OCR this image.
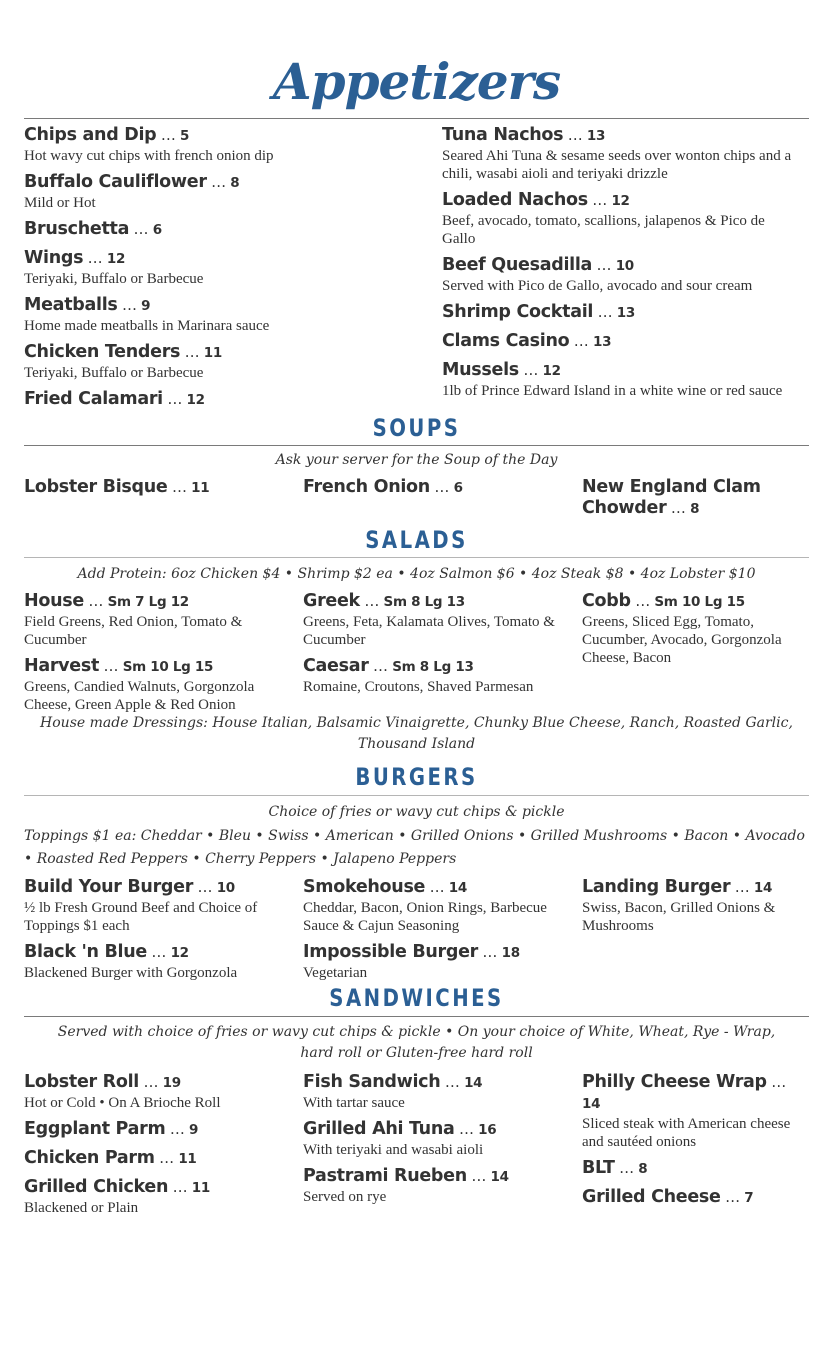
Appetizers
Chips and Dip … 5
Hot wavy cut chips with french onion dip
Buffalo Cauliflower … 8
Mild or Hot
Bruschetta … 6
Wings … 12
Teriyaki, Buffalo or Barbecue
Meatballs … 9
Home made meatballs in Marinara sauce
Chicken Tenders … 11
Teriyaki, Buffalo or Barbecue
Fried Calamari … 12
Tuna Nachos … 13
Seared Ahi Tuna & sesame seeds over wonton chips and a chili, wasabi aioli and teriyaki drizzle
Loaded Nachos … 12
Beef, avocado, tomato, scallions, jalapenos & Pico de Gallo
Beef Quesadilla … 10
Served with Pico de Gallo, avocado and sour cream
Shrimp Cocktail … 13
Clams Casino … 13
Mussels … 12
1lb of Prince Edward Island in a white wine or red sauce
SOUPS
Ask your server for the Soup of the Day
Lobster Bisque … 11	French Onion … 6	New England Clam Chowder … 8
SALADS
Add Protein: 6oz Chicken $4 • Shrimp $2 ea • 4oz Salmon $6 • 4oz Steak $8 • 4oz Lobster $10
House … Sm 7 Lg 12
Field Greens, Red Onion, Tomato & Cucumber
Harvest … Sm 10 Lg 15
Greens, Candied Walnuts, Gorgonzola Cheese, Green Apple & Red Onion
Greek … Sm 8 Lg 13
Greens, Feta, Kalamata Olives, Tomato & Cucumber
Caesar … Sm 8 Lg 13
Romaine, Croutons, Shaved Parmesan
Cobb … Sm 10 Lg 15
Greens, Sliced Egg, Tomato, Cucumber, Avocado, Gorgonzola Cheese, Bacon
House made Dressings: House Italian, Balsamic Vinaigrette, Chunky Blue Cheese, Ranch, Roasted Garlic, Thousand Island
BURGERS
Choice of fries or wavy cut chips & pickle
Toppings $1 ea: Cheddar • Bleu • Swiss • American • Grilled Onions • Grilled Mushrooms • Bacon • Avocado • Roasted Red Peppers • Cherry Peppers • Jalapeno Peppers
Build Your Burger … 10
½ lb Fresh Ground Beef and Choice of Toppings $1 each
Black 'n Blue … 12
Blackened Burger with Gorgonzola
Smokehouse … 14
Cheddar, Bacon, Onion Rings, Barbecue Sauce & Cajun Seasoning
Impossible Burger … 18
Vegetarian
Landing Burger … 14
Swiss, Bacon, Grilled Onions & Mushrooms
SANDWICHES
Served with choice of fries or wavy cut chips & pickle • On your choice of White, Wheat, Rye - Wrap, hard roll or Gluten-free hard roll
Lobster Roll … 19
Hot or Cold • On A Brioche Roll
Eggplant Parm … 9
Chicken Parm … 11
Grilled Chicken … 11
Blackened or Plain
Fish Sandwich … 14
With tartar sauce
Grilled Ahi Tuna … 16
With teriyaki and wasabi aioli
Pastrami Rueben … 14
Served on rye
Philly Cheese Wrap … 14
Sliced steak with American cheese and sautéed onions
BLT … 8
Grilled Cheese … 7
